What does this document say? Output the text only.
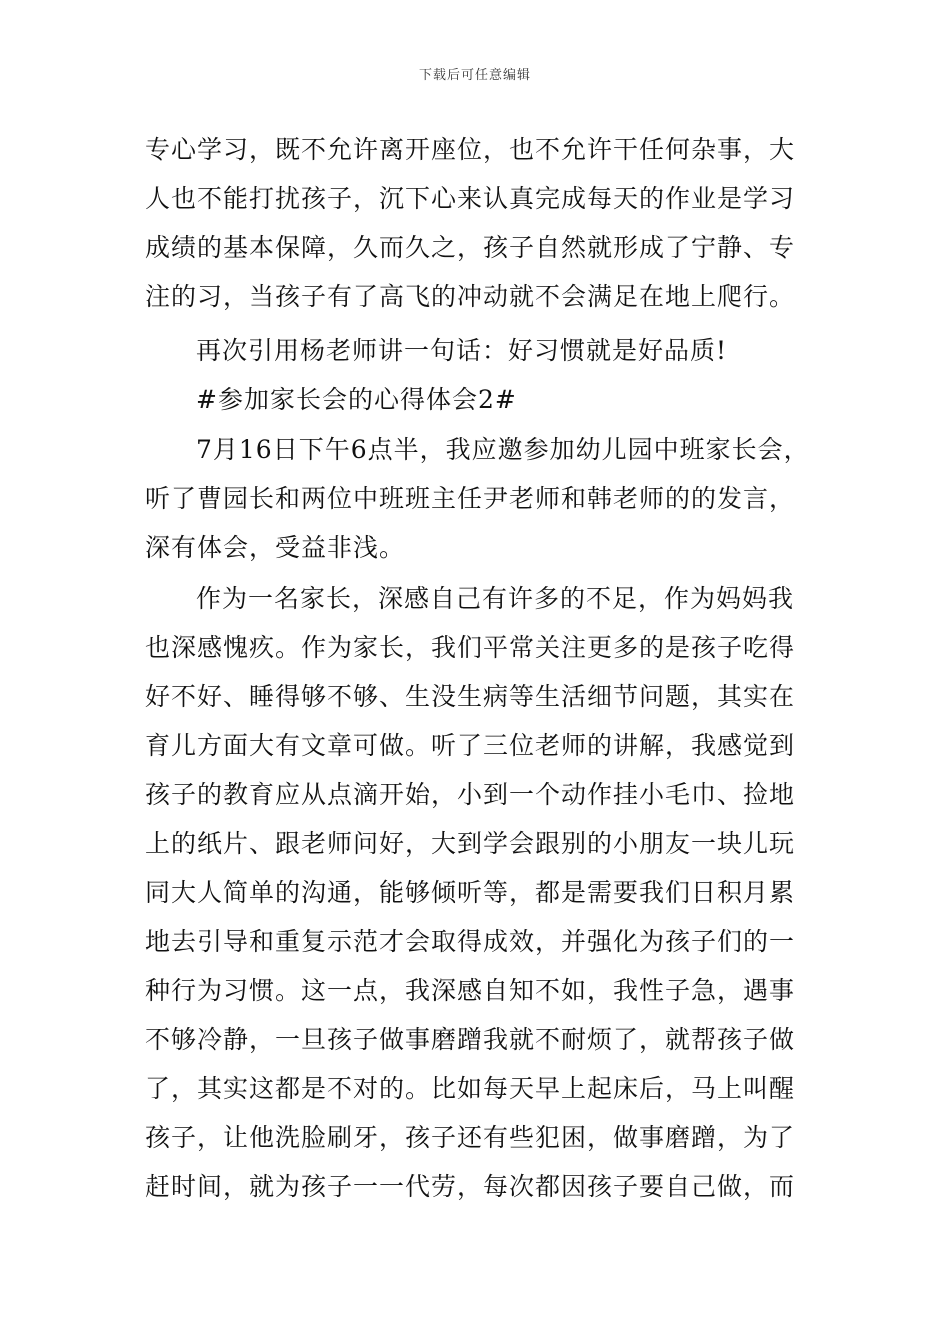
下载后可任意编辑
专心学习，既不允许离开座位，也不允许干任何杂事，大
人也不能打扰孩子，沉下心来认真完成每天的作业是学习
成绩的基本保障，久而久之，孩子自然就形成了宁静、专
注的习，当孩子有了高飞的冲动就不会满足在地上爬行。
再次引用杨老师讲一句话：好习惯就是好品质!
#参加家长会的心得体会2#
7月16日下午6点半，我应邀参加幼儿园中班家长会，
听了曹园长和两位中班班主任尹老师和韩老师的的发言，
深有体会，受益非浅。
作为一名家长，深感自己有许多的不足，作为妈妈我
也深感愧疚。作为家长，我们平常关注更多的是孩子吃得
好不好、睡得够不够、生没生病等生活细节问题，其实在
育儿方面大有文章可做。听了三位老师的讲解，我感觉到
孩子的教育应从点滴开始，小到一个动作挂小毛巾、捡地
上的纸片、跟老师问好，大到学会跟别的小朋友一块儿玩
同大人简单的沟通，能够倾听等，都是需要我们日积月累
地去引导和重复示范才会取得成效，并强化为孩子们的一
种行为习惯。这一点，我深感自知不如，我性子急，遇事
不够冷静，一旦孩子做事磨蹭我就不耐烦了，就帮孩子做
了，其实这都是不对的。比如每天早上起床后，马上叫醒
孩子，让他洗脸刷牙，孩子还有些犯困，做事磨蹭，为了
赶时间，就为孩子一一代劳，每次都因孩子要自己做，而
